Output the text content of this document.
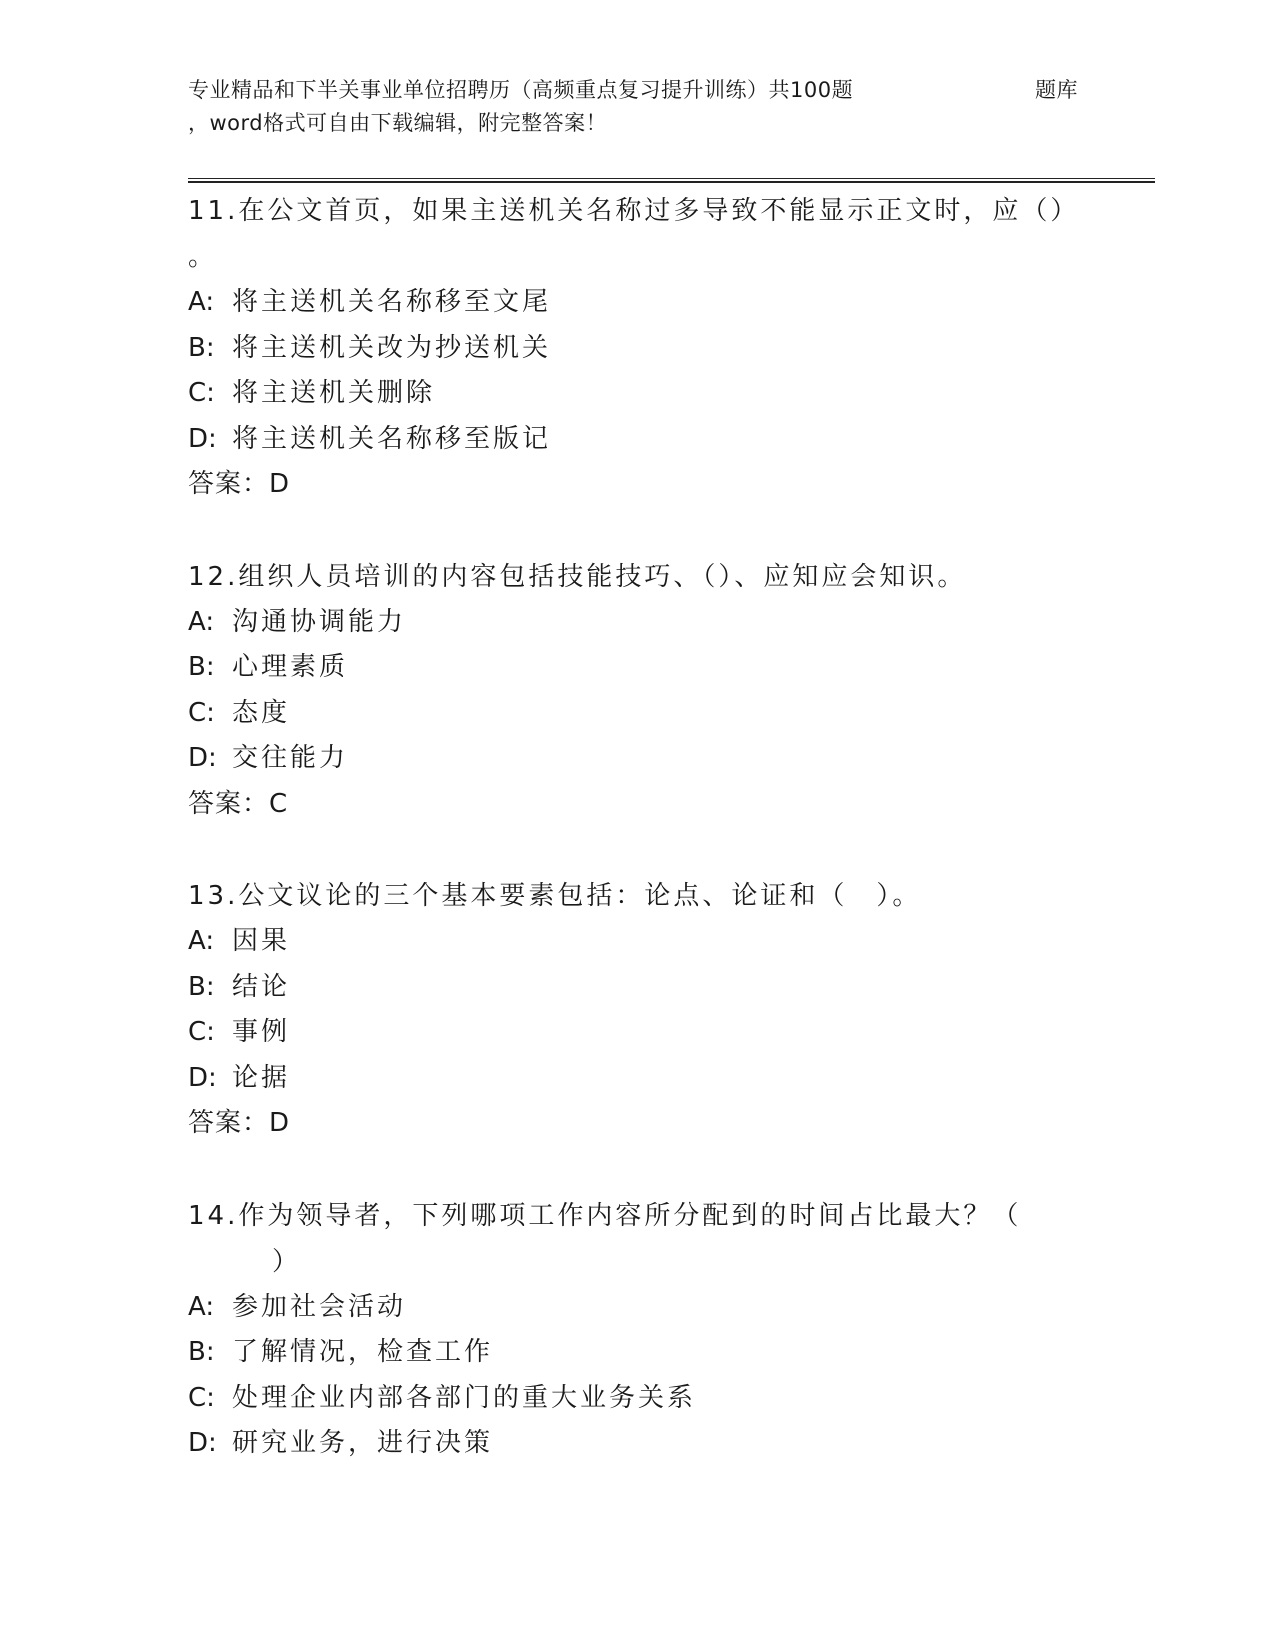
专业精品和下半关事业单位招聘历（高频重点复习提升训练）共100题	题库
，word格式可自由下载编辑，附完整答案！

11.在公文首页，如果主送机关名称过多导致不能显示正文时，应（）

。

A: 将主送机关名称移至文尾

B: 将主送机关改为抄送机关

C: 将主送机关删除

D: 将主送机关名称移至版记

答案：D

12.组织人员培训的内容包括技能技巧、（）、应知应会知识。

A: 沟通协调能力

B: 心理素质

C: 态度

D: 交往能力

答案：C

13.公文议论的三个基本要素包括：论点、论证和（　）。

A: 因果

B: 结论

C: 事例

D: 论据

答案：D

14.作为领导者，下列哪项工作内容所分配到的时间占比最大？（

）

A: 参加社会活动

B: 了解情况，检查工作

C: 处理企业内部各部门的重大业务关系

D: 研究业务，进行决策
